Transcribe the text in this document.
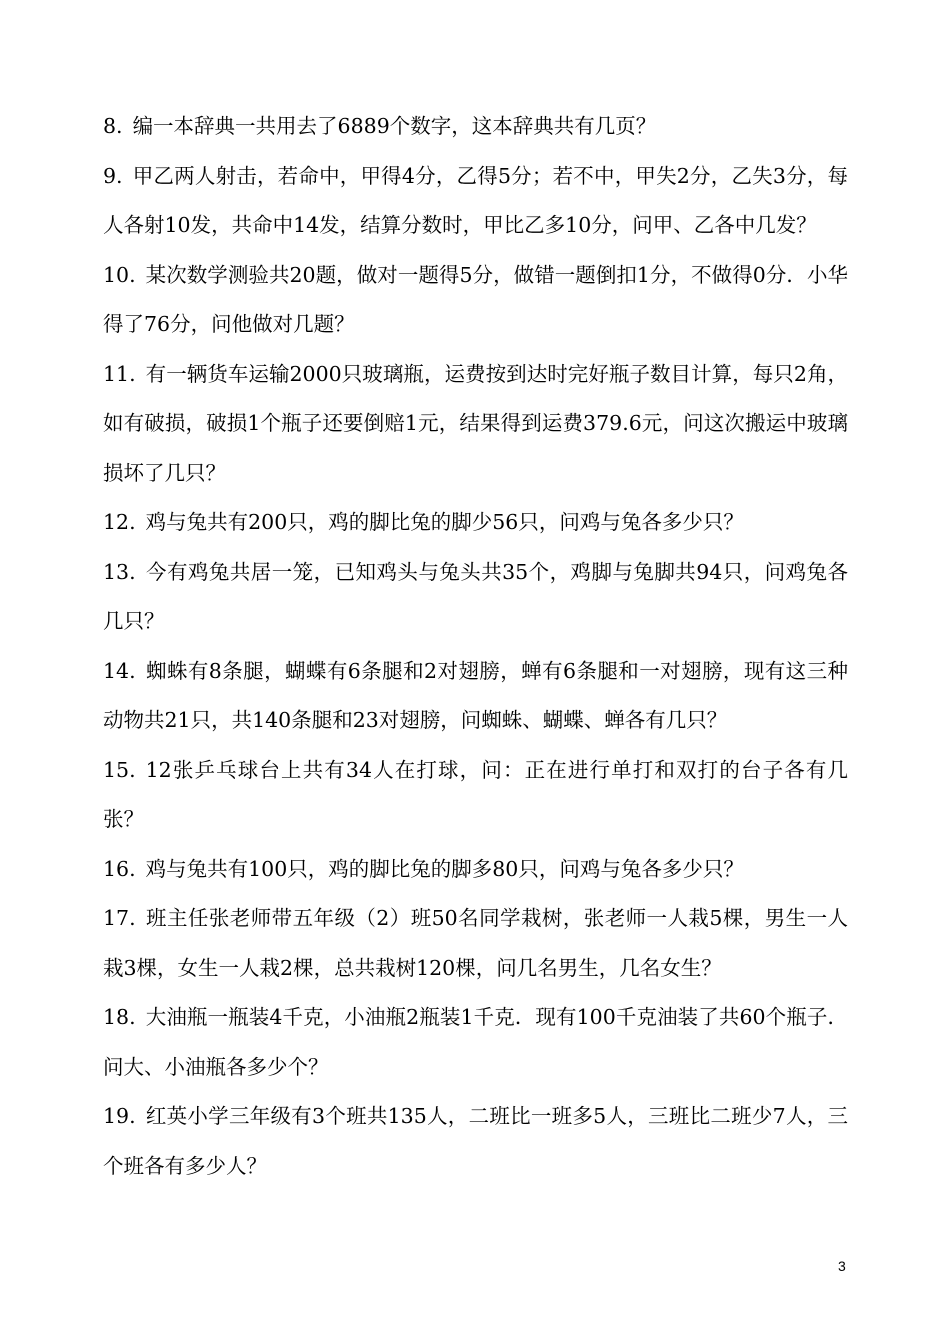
8. 编一本辞典一共用去了6889个数字，这本辞典共有几页？

9. 甲乙两人射击，若命中，甲得4分，乙得5分；若不中，甲失2分，乙失3分，每人各射10发，共命中14发，结算分数时，甲比乙多10分，问甲、乙各中几发？

10. 某次数学测验共20题，做对一题得5分，做错一题倒扣1分，不做得0分．小华得了76分，问他做对几题？

11. 有一辆货车运输2000只玻璃瓶，运费按到达时完好瓶子数目计算，每只2角，如有破损，破损1个瓶子还要倒赔1元，结果得到运费379.6元，问这次搬运中玻璃损坏了几只？

12. 鸡与兔共有200只，鸡的脚比兔的脚少56只，问鸡与兔各多少只？

13. 今有鸡兔共居一笼，已知鸡头与兔头共35个，鸡脚与兔脚共94只，问鸡兔各几只？

14. 蜘蛛有8条腿，蝴蝶有6条腿和2对翅膀，蝉有6条腿和一对翅膀，现有这三种动物共21只，共140条腿和23对翅膀，问蜘蛛、蝴蝶、蝉各有几只？

15. 12张乒乓球台上共有34人在打球，问：正在进行单打和双打的台子各有几张？

16. 鸡与兔共有100只，鸡的脚比兔的脚多80只，问鸡与兔各多少只？

17. 班主任张老师带五年级（2）班50名同学栽树，张老师一人栽5棵，男生一人栽3棵，女生一人栽2棵，总共栽树120棵，问几名男生，几名女生？

18. 大油瓶一瓶装4千克，小油瓶2瓶装1千克．现有100千克油装了共60个瓶子．问大、小油瓶各多少个？

19. 红英小学三年级有3个班共135人，二班比一班多5人，三班比二班少7人，三个班各有多少人？

3
